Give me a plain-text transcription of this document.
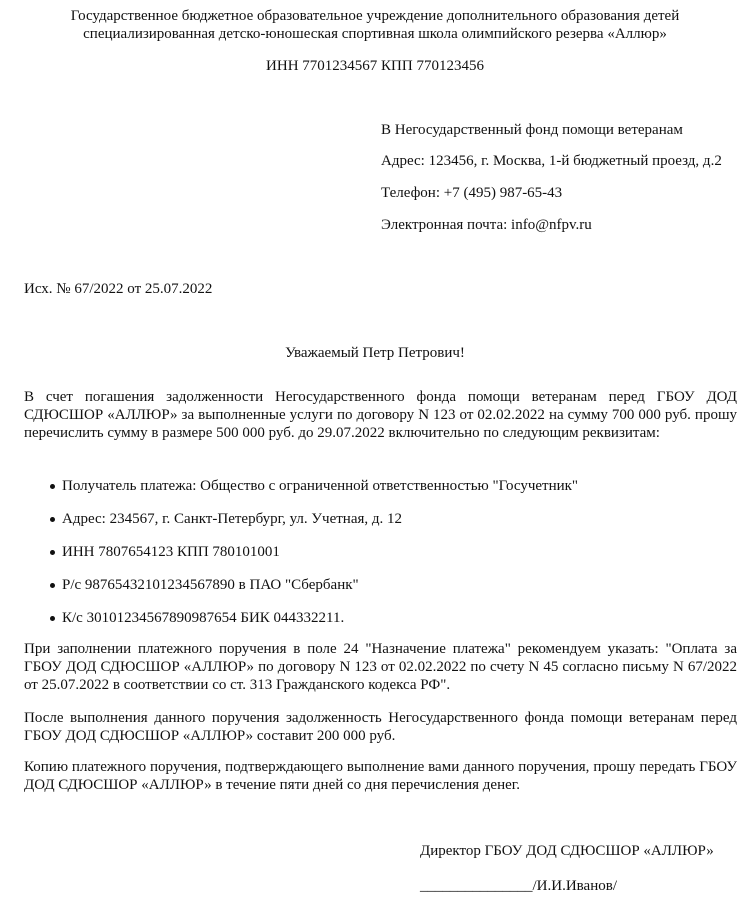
Государственное бюджетное образовательное учреждение дополнительного образования детей
специализированная детско-юношеская спортивная школа олимпийского резерва «Аллюр»
ИНН 7701234567 КПП 770123456
В Негосударственный фонд помощи ветеранам
Адрес: 123456, г. Москва, 1-й бюджетный проезд, д.2
Телефон: +7 (495) 987-65-43
Электронная почта: info@nfpv.ru
Исх. № 67/2022 от 25.07.2022
Уважаемый Петр Петрович!
В счет погашения задолженности Негосударственного фонда помощи ветеранам перед ГБОУ ДОД СДЮСШОР «АЛЛЮР» за выполненные услуги по договору N 123 от 02.02.2022 на сумму 700 000 руб. прошу перечислить сумму в размере 500 000 руб. до 29.07.2022 включительно по следующим реквизитам:
Получатель платежа: Общество с ограниченной ответственностью "Госучетник"
Адрес: 234567, г. Санкт-Петербург, ул. Учетная, д. 12
ИНН 7807654123 КПП 780101001
Р/с 98765432101234567890 в ПАО "Сбербанк"
К/с 30101234567890987654 БИК 044332211.
При заполнении платежного поручения в поле 24 "Назначение платежа" рекомендуем указать: "Оплата за ГБОУ ДОД СДЮСШОР «АЛЛЮР» по договору N 123 от 02.02.2022 по счету N 45 согласно письму N 67/2022 от 25.07.2022 в соответствии со ст. 313 Гражданского кодекса РФ".
После выполнения данного поручения задолженность Негосударственного фонда помощи ветеранам перед ГБОУ ДОД СДЮСШОР «АЛЛЮР» составит 200 000 руб.
Копию платежного поручения, подтверждающего выполнение вами данного поручения, прошу передать ГБОУ ДОД СДЮСШОР «АЛЛЮР» в течение пяти дней со дня перечисления денег.
Директор ГБОУ ДОД СДЮСШОР «АЛЛЮР»
_______________/И.И.Иванов/
